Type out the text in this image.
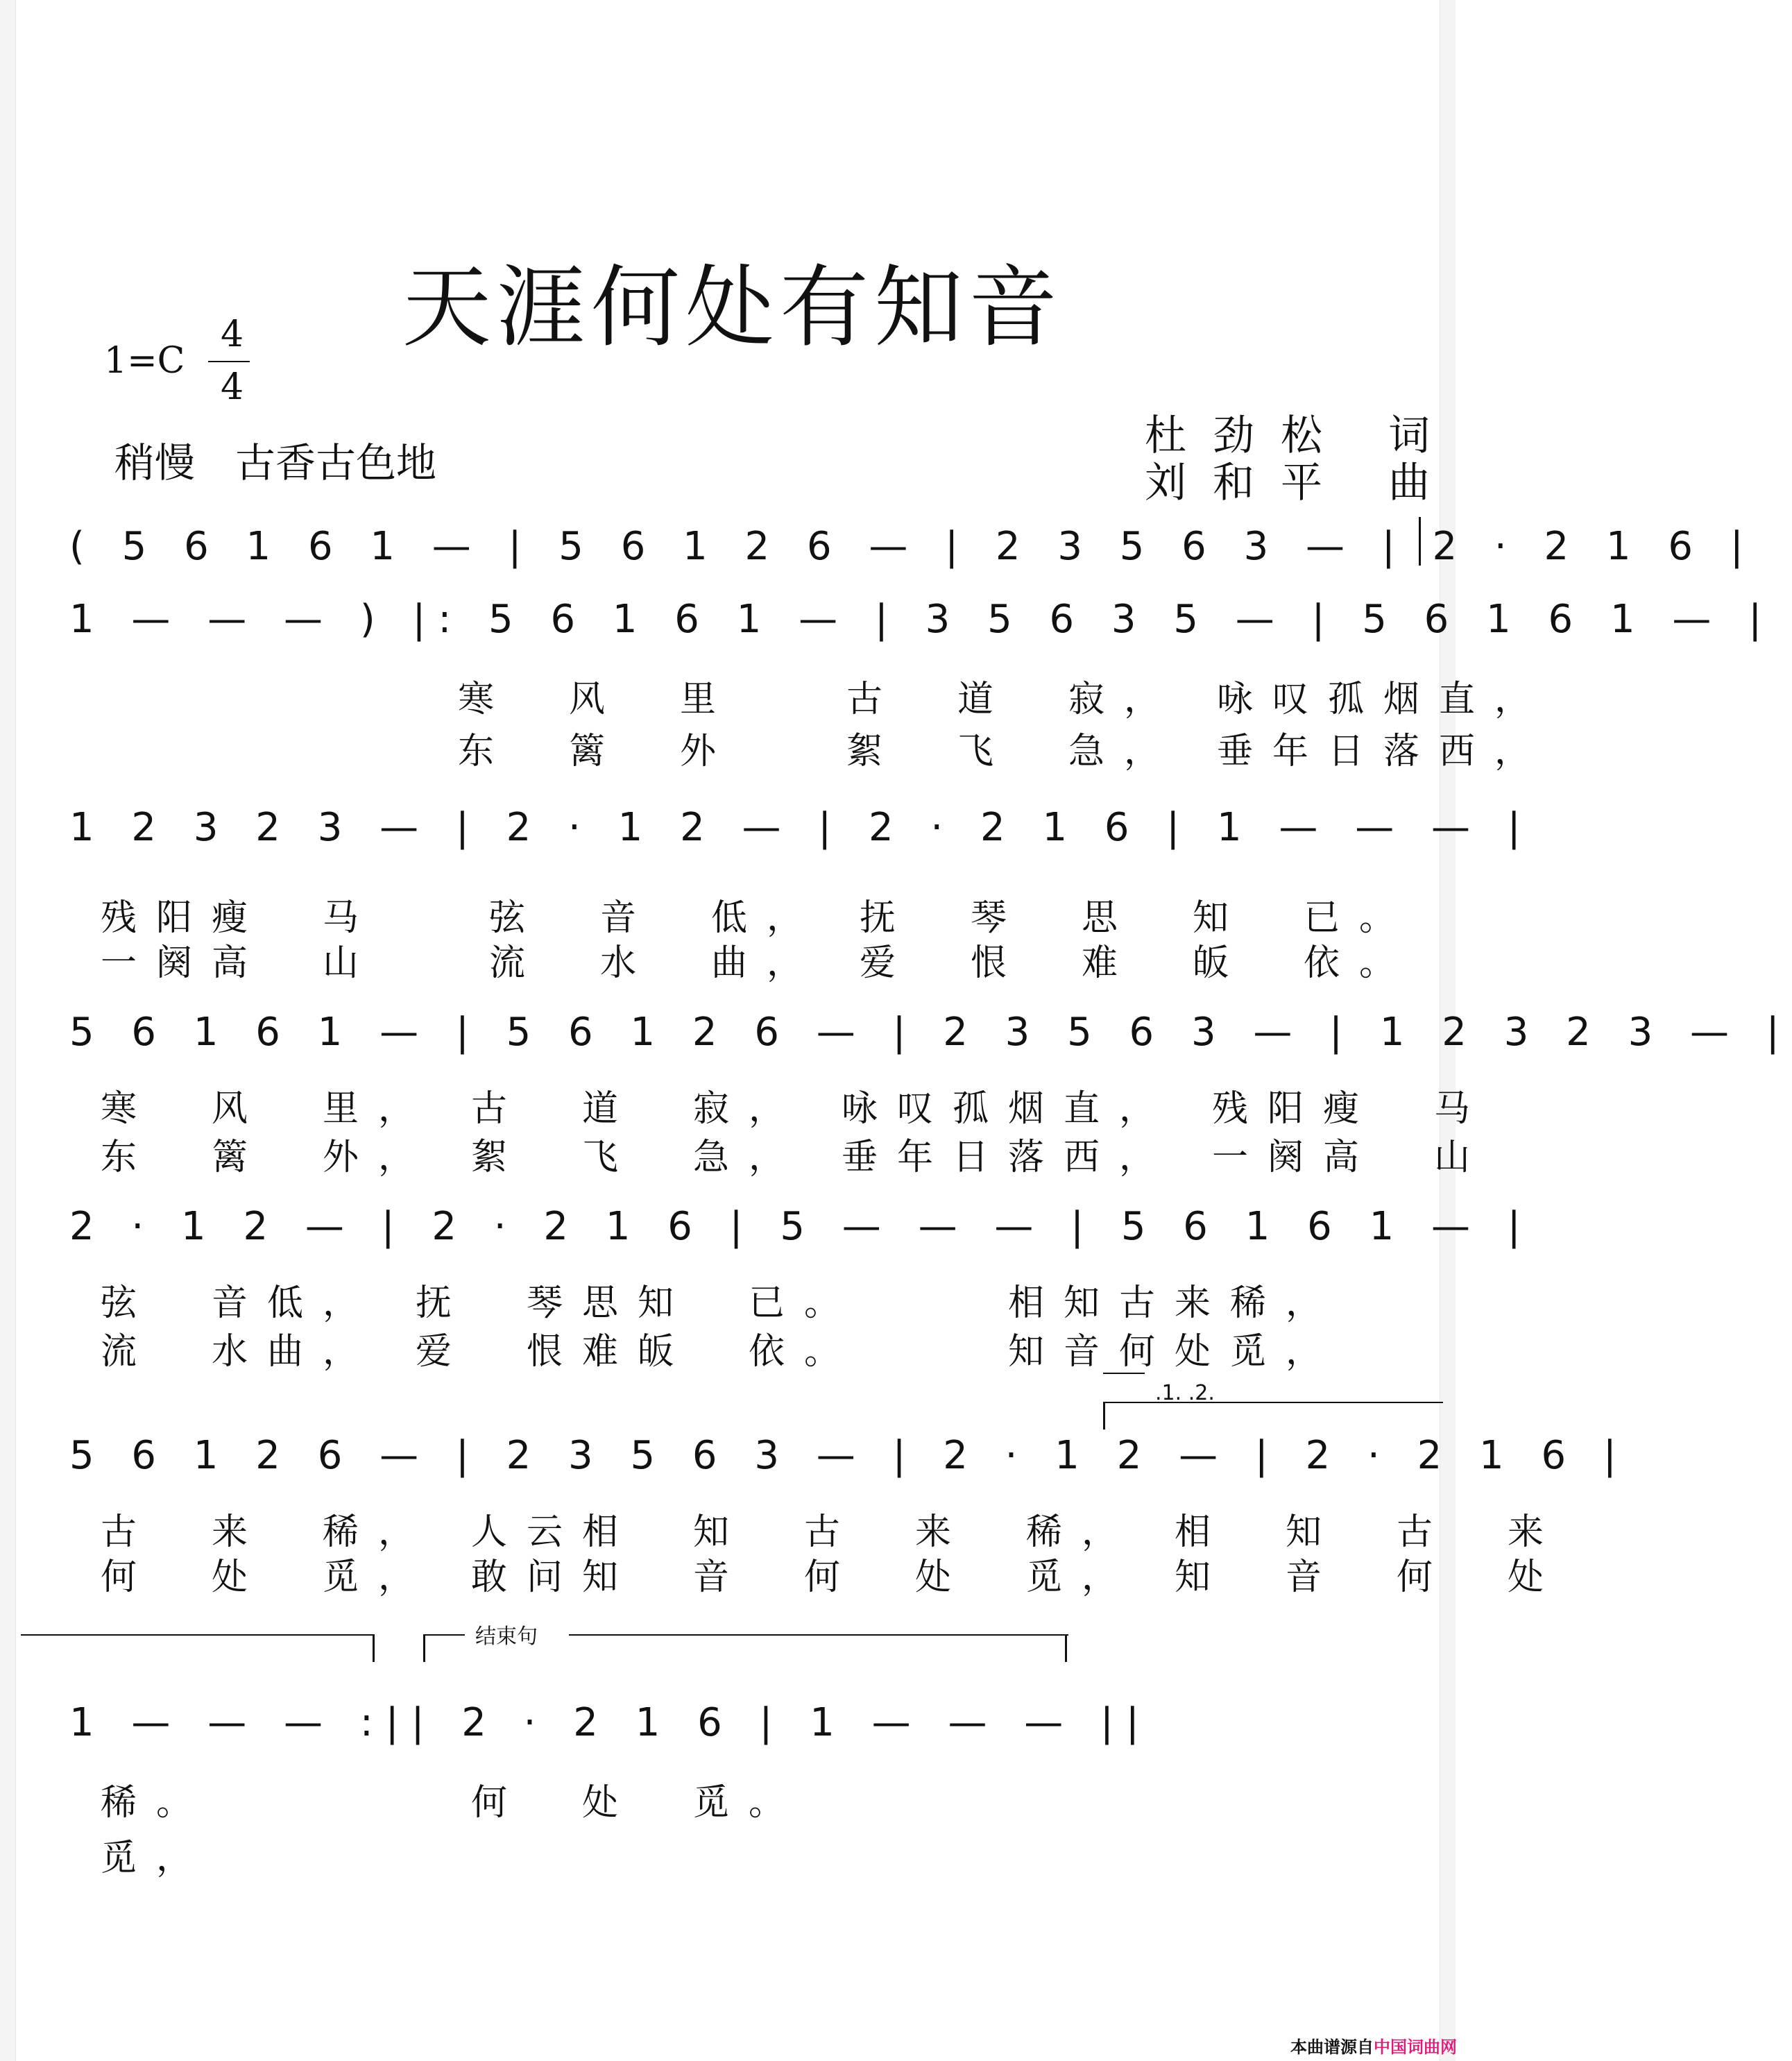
天涯何处有知音
1=C
4
4
稍慢　古香古色地
杜劲松 词
刘和平 曲
( 5 6 1 6 1 — | 5 6 1 2 6 — | 2 3 5 6 3 — | 2 · 2 1 6 |
1 — — — ) |: 5 6 1 6 1 — | 3 5 6 3 5 — | 5 6 1 6 1 — |
寒　风　里　　古　道　寂，　咏叹孤烟直，
东　篱　外　　絮　飞　急，　垂年日落西，
1 2 3 2 3 — | 2 · 1 2 — | 2 · 2 1 6 | 1 — — — |
残阳瘦　马　　弦　音　低，　抚　琴　思　知　已。
一阕高　山　　流　水　曲，　爱　恨　难　皈　依。
5 6 1 6 1 — | 5 6 1 2 6 — | 2 3 5 6 3 — | 1 2 3 2 3 — |
寒　风　里，　古　道　寂，　咏叹孤烟直，　残阳瘦　马
东　篱　外，　絮　飞　急，　垂年日落西，　一阕高　山
2 · 1 2 — | 2 · 2 1 6 | 5 — — — | 5 6 1 6 1 — |
弦　音低，　抚　琴思知　已。　　　相知古来稀，
流　水曲，　爱　恨难皈　依。　　　知音何处觅，
.1. .2.
5 6 1 2 6 — | 2 3 5 6 3 — | 2 · 1 2 — | 2 · 2 1 6 |
古　来　稀，　人云相　知　古　来　稀，　相　知　古　来
何　处　觅，　敢问知　音　何　处　觅，　知　音　何　处
结束句
1 — — — :|| 2 · 2 1 6 | 1 — — — ||
稀。　　　　　何　处　觅。
觅，
本曲谱源自 中国词曲网
